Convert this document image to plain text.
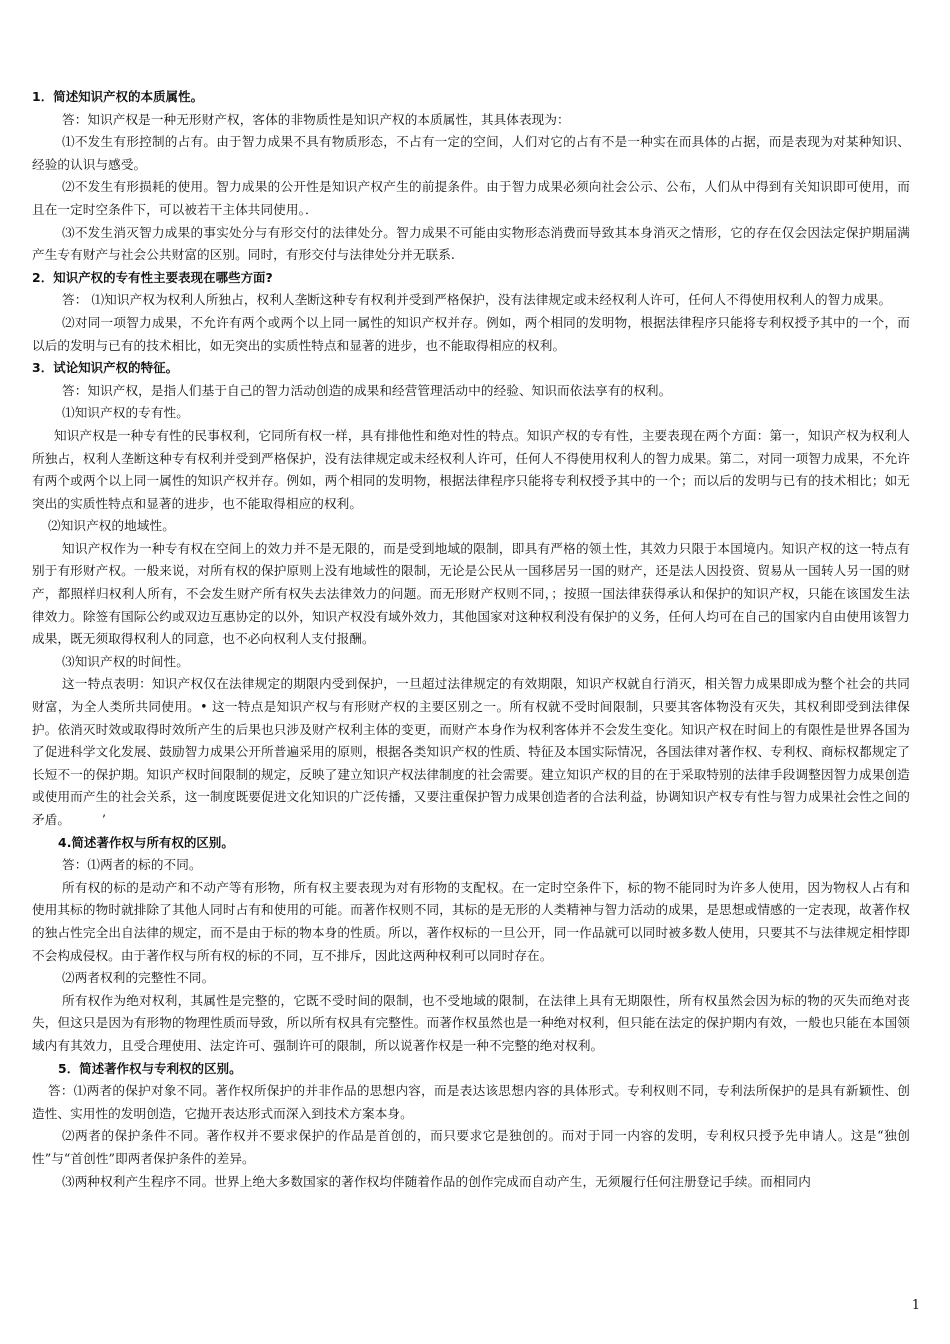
1．简述知识产权的本质属性。

答：知识产权是一种无形财产权，客体的非物质性是知识产权的本质属性，其具体表现为：

⑴不发生有形控制的占有。由于智力成果不具有物质形态，不占有一定的空间，人们对它的占有不是一种实在而具体的占据，而是表现为对某种知识、经验的认识与感受。

⑵不发生有形损耗的使用。智力成果的公开性是知识产权产生的前提条件。由于智力成果必须向社会公示、公布，人们从中得到有关知识即可使用，而且在一定时空条件下，可以被若干主体共同使用。．

⑶不发生消灭智力成果的事实处分与有形交付的法律处分。智力成果不可能由实物形态消费而导致其本身消灭之情形，它的存在仅会因法定保护期届满产生专有财产与社会公共财富的区别。同时，有形交付与法律处分并无联系.

2．知识产权的专有性主要表现在哪些方面?

答： ⑴知识产权为权利人所独占，权利人垄断这种专有权利并受到严格保护，没有法律规定或未经权利人许可，任何人不得使用权利人的智力成果。

⑵对同一项智力成果，不允许有两个或两个以上同一属性的知识产权并存。例如，两个相同的发明物，根据法律程序只能将专利权授予其中的一个，而以后的发明与已有的技术相比，如无突出的实质性特点和显著的进步，也不能取得相应的权利。

3．试论知识产权的特征。

答：知识产权，是指人们基于自己的智力活动创造的成果和经营管理活动中的经验、知识而依法享有的权利。

⑴知识产权的专有性。

知识产权是一种专有性的民事权利，它同所有权一样，具有排他性和绝对性的特点。知识产权的专有性，主要表现在两个方面：第一，知识产权为权利人所独占，权利人垄断这种专有权利并受到严格保护，没有法律规定或未经权利人许可，任何人不得使用权利人的智力成果。第二，对同一项智力成果，不允许有两个或两个以上同一属性的知识产权并存。例如，两个相同的发明物，根据法律程序只能将专利权授予其中的一个；而以后的发明与已有的技术相比；如无突出的实质性特点和显著的进步，也不能取得相应的权利。

⑵知识产权的地域性。

知识产权作为一种专有权在空间上的效力并不是无限的，而是受到地域的限制，即具有严格的领土性，其效力只限于本国境内。知识产权的这一特点有别于有形财产权。一般来说，对所有权的保护原则上没有地域性的限制，无论是公民从一国移居另一国的财产，还是法人因投资、贸易从一国转人另一国的财产，都照样归权利人所有，不会发生财产所有权失去法律效力的问题。而无形财产权则不同，；按照一国法律获得承认和保护的知识产权，只能在该国发生法律效力。除签有国际公约或双边互惠协定的以外，知识产权没有域外效力，其他国家对这种权利没有保护的义务，任何人均可在自己的国家内自由使用该智力成果，既无须取得权利人的同意，也不必向权利人支付报酬。

⑶知识产权的时间性。

这一特点表明：知识产权仅在法律规定的期限内受到保护，一旦超过法律规定的有效期限，知识产权就自行消灭，相关智力成果即成为整个社会的共同财富，为全人类所共同使用。• 这一特点是知识产权与有形财产权的主要区别之一。所有权就不受时间限制，只要其客体物没有灭失，其权利即受到法律保护。依消灭时效或取得时效所产生的后果也只涉及财产权利主体的变更，而财产本身作为权利客体并不会发生变化。知识产权在时间上的有限性是世界各国为了促进科学文化发展、鼓励智力成果公开所普遍采用的原则，根据各类知识产权的性质、特征及本国实际情况，各国法律对著作权、专利权、商标权都规定了长短不一的保护期。知识产权时间限制的规定，反映了建立知识产权法律制度的社会需要。建立知识产权的目的在于采取特别的法律手段调整因智力成果创造或使用而产生的社会关系，这一制度既要促进文化知识的广泛传播，又要注重保护智力成果创造者的合法利益，协调知识产权专有性与智力成果社会性之间的矛盾。　　　’

4.简述著作权与所有权的区别。

答：⑴两者的标的不同。

所有权的标的是动产和不动产等有形物，所有权主要表现为对有形物的支配权。在一定时空条件下，标的物不能同时为许多人使用，因为物权人占有和使用其标的物时就排除了其他人同时占有和使用的可能。而著作权则不同，其标的是无形的人类精神与智力活动的成果，是思想或情感的一定表现，故著作权的独占性完全出自法律的规定，而不是由于标的物本身的性质。所以，著作权标的一旦公开，同一作品就可以同时被多数人使用，只要其不与法律规定相悖即不会构成侵权。由于著作权与所有权的标的不同，互不排斥，因此这两种权利可以同时存在。

⑵两者权利的完整性不同。

所有权作为绝对权利，其属性是完整的，它既不受时间的限制，也不受地域的限制，在法律上具有无期限性，所有权虽然会因为标的物的灭失而绝对丧失，但这只是因为有形物的物理性质而导致，所以所有权具有完整性。而著作权虽然也是一种绝对权利，但只能在法定的保护期内有效，一般也只能在本国领域内有其效力，且受合理使用、法定许可、强制许可的限制，所以说著作权是一种不完整的绝对权利。

5．简述著作权与专利权的区别。

答：⑴两者的保护对象不同。著作权所保护的并非作品的思想内容，而是表达该思想内容的具体形式。专利权则不同，专利法所保护的是具有新颖性、创造性、实用性的发明创造，它抛开表达形式而深入到技术方案本身。

⑵两者的保护条件不同。著作权并不要求保护的作品是首创的，而只要求它是独创的。而对于同一内容的发明，专利权只授予先申请人。这是“独创性”与“首创性”即两者保护条件的差异。

⑶两种权利产生程序不同。世界上绝大多数国家的著作权均伴随着作品的创作完成而自动产生，无须履行任何注册登记手续。而相同内

1
